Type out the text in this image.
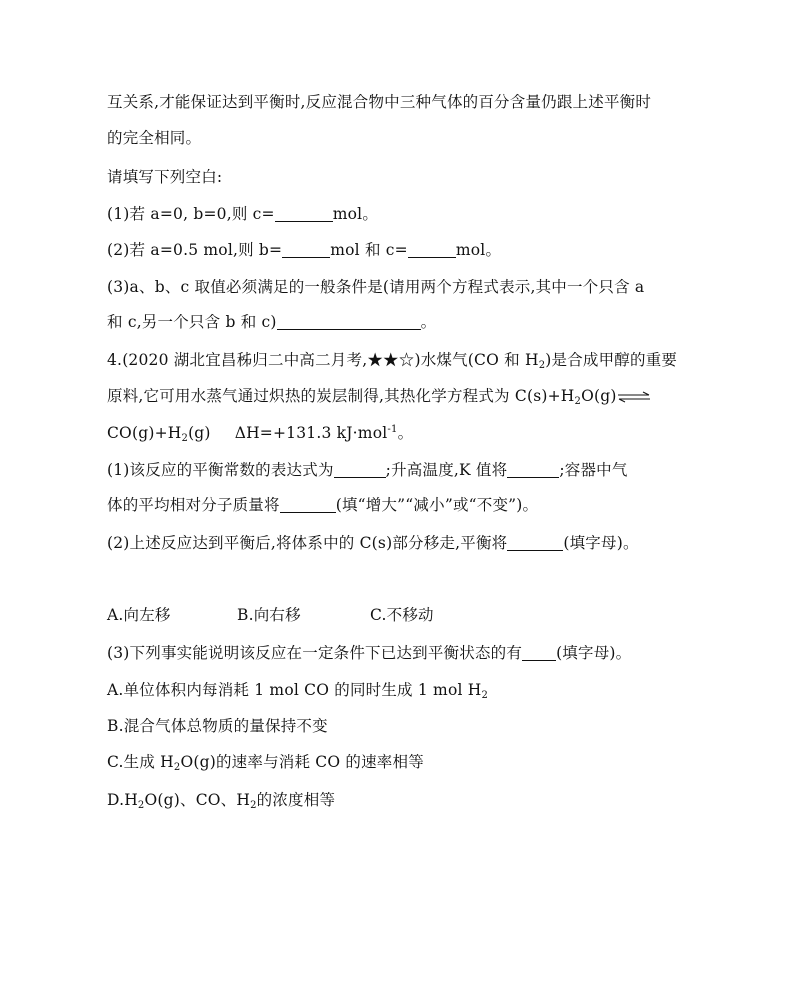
互关系,才能保证达到平衡时,反应混合物中三种气体的百分含量仍跟上述平衡时
的完全相同。
请填写下列空白:
(1)若 a=0, b=0,则 c=	mol。
(2)若 a=0.5 mol,则 b=	mol 和 c=	mol。
(3)a、b、c 取值必须满足的一般条件是(请用两个方程式表示,其中一个只含 a
和 c,另一个只含 b 和 c)	。
4.(2020 湖北宜昌秭归二中高二月考,★★☆)水煤气(CO 和 $H_2$)是合成甲醇的重要
原料,它可用水蒸气通过炽热的炭层制得,其热化学方程式为 $C(s)+H_2O(g)\rightleftharpoons$
$CO(g)+H_2(g)$ ΔH=+131.3 kJ·mol$^{-1}$。
(1)该反应的平衡常数的表达式为	;升高温度,K 值将	;容器中气
体的平均相对分子质量将	(填“增大”“减小”或“不变”)。
(2)上述反应达到平衡后,将体系中的 C(s)部分移走,平衡将	(填字母)。
A.向左移	B.向右移	C.不移动
(3)下列事实能说明该反应在一定条件下已达到平衡状态的有 (填字母)。
A.单位体积内每消耗 1 mol CO 的同时生成 1 mol $H_2$
B.混合气体总物质的量保持不变
C.生成 $H_2O(g)$的速率与消耗 CO 的速率相等
$D.H_2O(g)$、CO、$H_2$的浓度相等
